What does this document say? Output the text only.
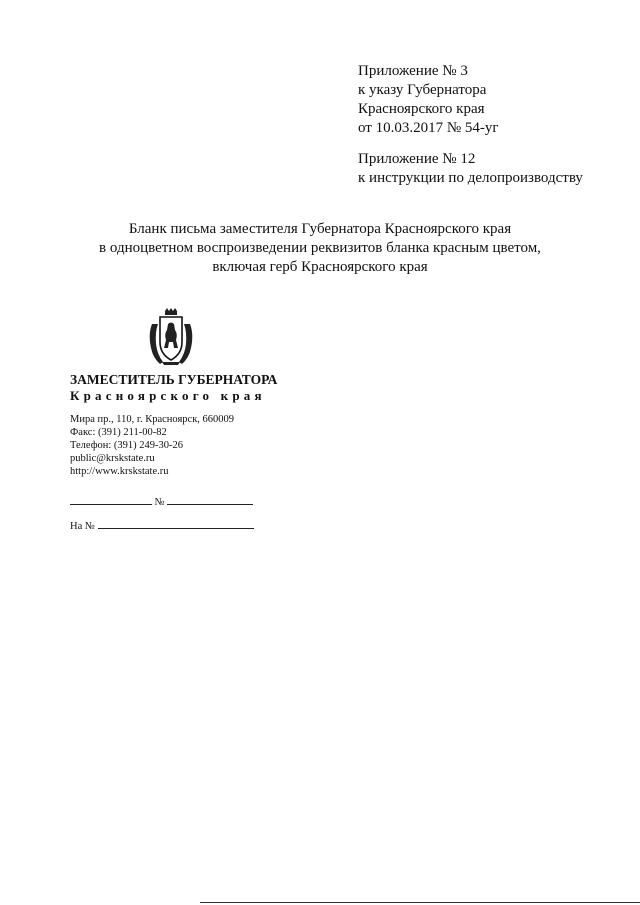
Приложение № 3
к указу Губернатора
Красноярского края
от 10.03.2017 № 54-уг
Приложение № 12
к инструкции по делопроизводству
Бланк письма заместителя Губернатора Красноярского края
в одноцветном воспроизведении реквизитов бланка красным цветом,
включая герб Красноярского края
ЗАМЕСТИТЕЛЬ ГУБЕРНАТОРА
Красноярского края
Мира пр., 110, г. Красноярск, 660009
Факс: (391) 211-00-82
Телефон: (391) 249-30-26
public@krskstate.ru
http://www.krskstate.ru
№
На №
